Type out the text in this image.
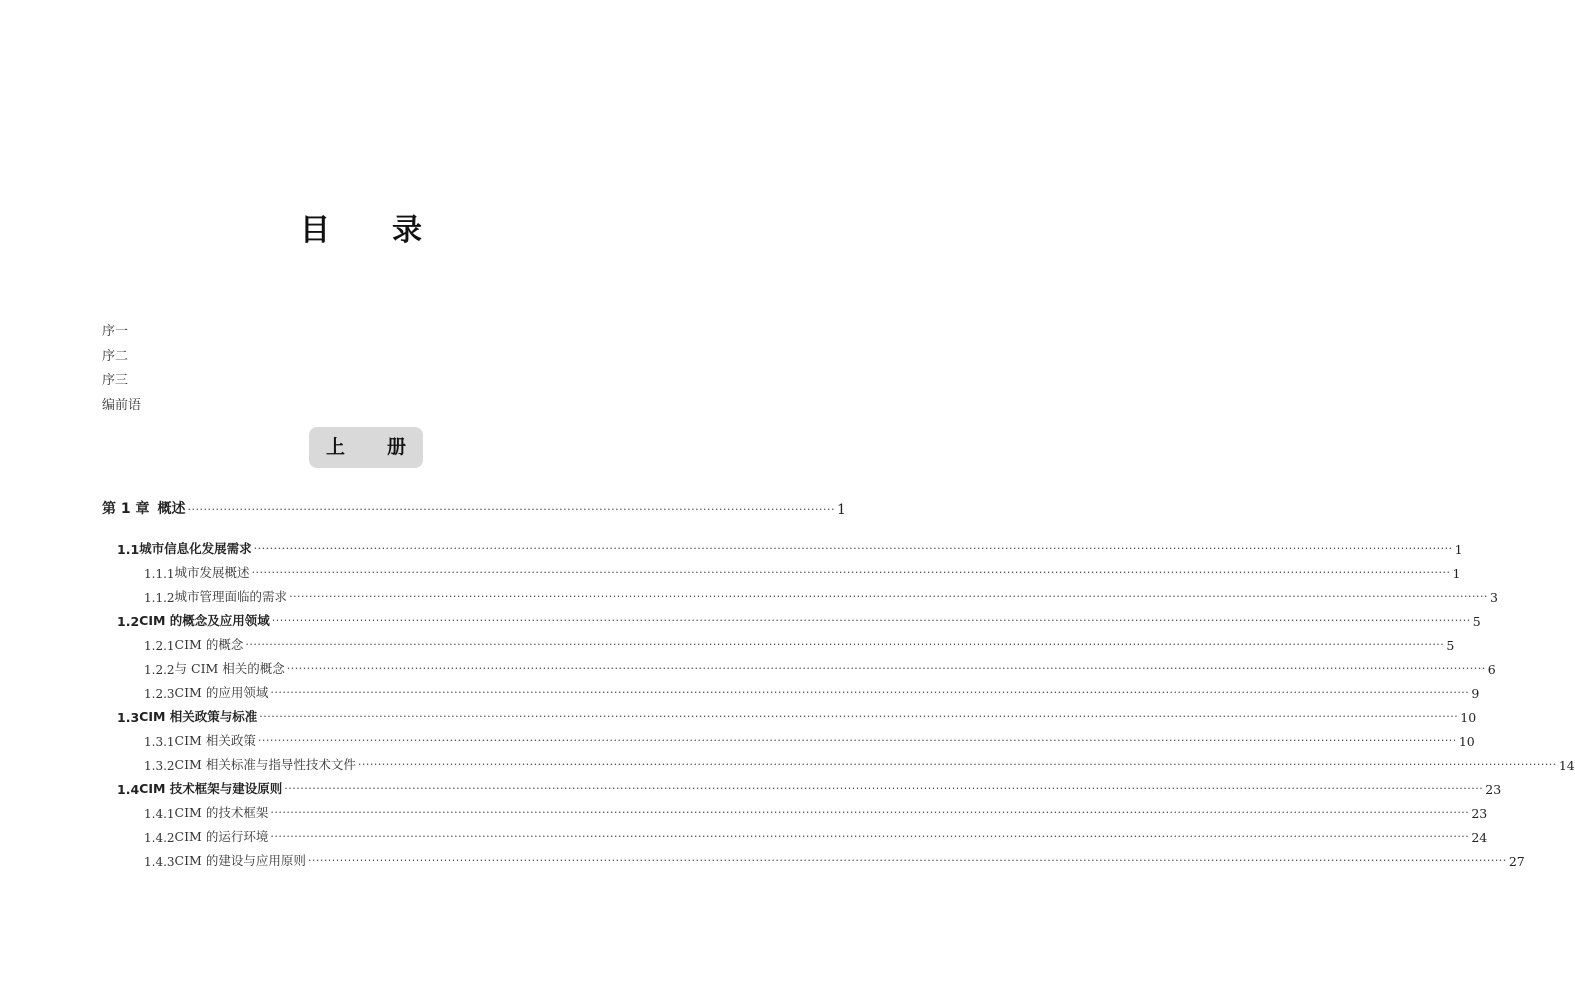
目 录
序一
序二
序三
编前语
上 册
第 1 章 概述 ·································································································································································· 1
1.1 城市信息化发展需求 ············································································································································································································································································································ 1
1.1.1 城市发展概述 ············································································································································································································································································································ 1
1.1.2 城市管理面临的需求 ············································································································································································································································································································ 3
1.2 CIM 的概念及应用领域 ············································································································································································································································································································ 5
1.2.1 CIM 的概念 ············································································································································································································································································································ 5
1.2.2 与 CIM 相关的概念 ············································································································································································································································································································ 6
1.2.3 CIM 的应用领域 ············································································································································································································································································································ 9
1.3 CIM 相关政策与标准 ············································································································································································································································································································ 10
1.3.1 CIM 相关政策 ············································································································································································································································································································ 10
1.3.2 CIM 相关标准与指导性技术文件 ············································································································································································································································································································ 14
1.4 CIM 技术框架与建设原则 ············································································································································································································································································································ 23
1.4.1 CIM 的技术框架 ············································································································································································································································································································ 23
1.4.2 CIM 的运行环境 ············································································································································································································································································································ 24
1.4.3 CIM 的建设与应用原则 ············································································································································································································································································································ 27
